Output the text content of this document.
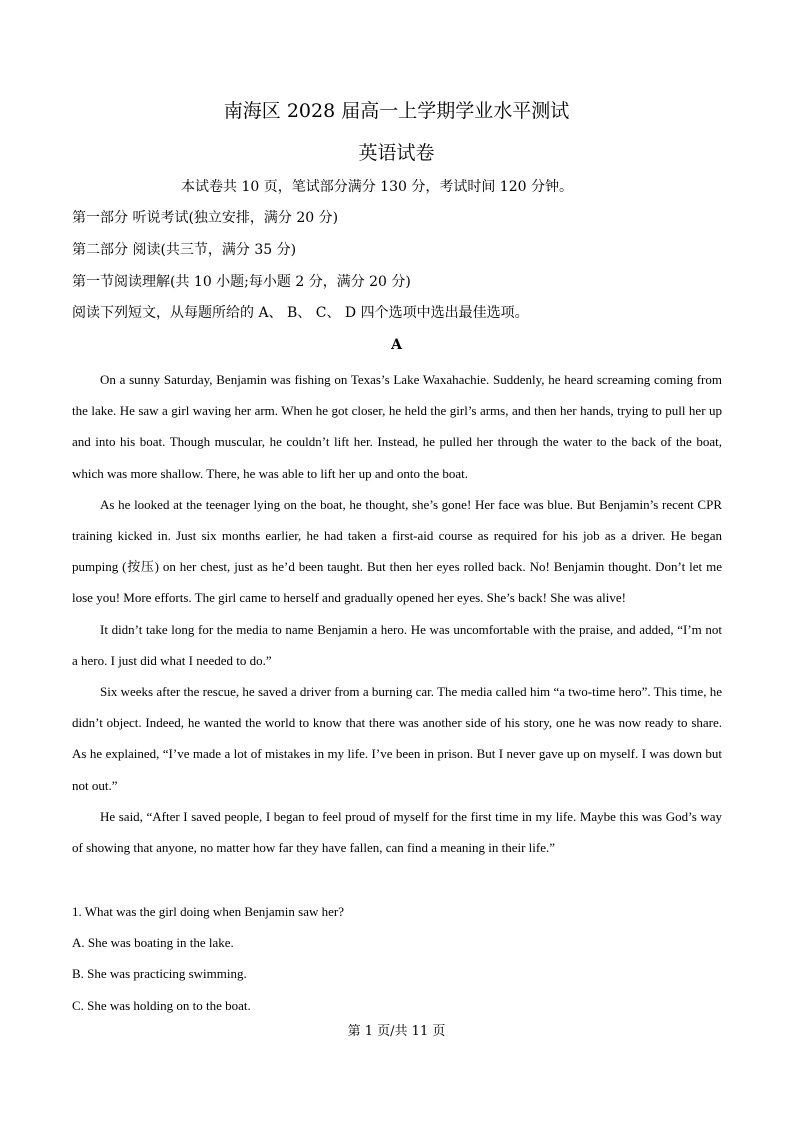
南海区 2028 届高一上学期学业水平测试
英语试卷
本试卷共 10 页，笔试部分满分 130 分，考试时间 120 分钟。
第一部分 听说考试(独立安排，满分 20 分)
第二部分 阅读(共三节，满分 35 分)
第一节阅读理解(共 10 小题;每小题 2 分，满分 20 分)
阅读下列短文，从每题所给的 A、 B、 C、 D 四个选项中选出最佳选项。
A

On a sunny Saturday, Benjamin was fishing on Texas’s Lake Waxahachie. Suddenly, he heard screaming coming from the lake. He saw a girl waving her arm. When he got closer, he held the girl’s arms, and then her hands, trying to pull her up and into his boat. Though muscular, he couldn’t lift her. Instead, he pulled her through the water to the back of the boat, which was more shallow. There, he was able to lift her up and onto the boat.

As he looked at the teenager lying on the boat, he thought, she’s gone! Her face was blue. But Benjamin’s recent CPR training kicked in. Just six months earlier, he had taken a first-aid course as required for his job as a driver. He began pumping (按压) on her chest, just as he’d been taught. But then her eyes rolled back. No! Benjamin thought. Don’t let me lose you! More efforts. The girl came to herself and gradually opened her eyes. She’s back! She was alive!

It didn’t take long for the media to name Benjamin a hero. He was uncomfortable with the praise, and added, “I’m not a hero. I just did what I needed to do.”

Six weeks after the rescue, he saved a driver from a burning car. The media called him “a two-time hero”. This time, he didn’t object. Indeed, he wanted the world to know that there was another side of his story, one he was now ready to share. As he explained, “I’ve made a lot of mistakes in my life. I’ve been in prison. But I never gave up on myself. I was down but not out.”

He said, “After I saved people, I began to feel proud of myself for the first time in my life. Maybe this was God’s way of showing that anyone, no matter how far they have fallen, can find a meaning in their life.”

1. What was the girl doing when Benjamin saw her?
A. She was boating in the lake.
B. She was practicing swimming.
C. She was holding on to the boat.
第 1 页/共 11 页
